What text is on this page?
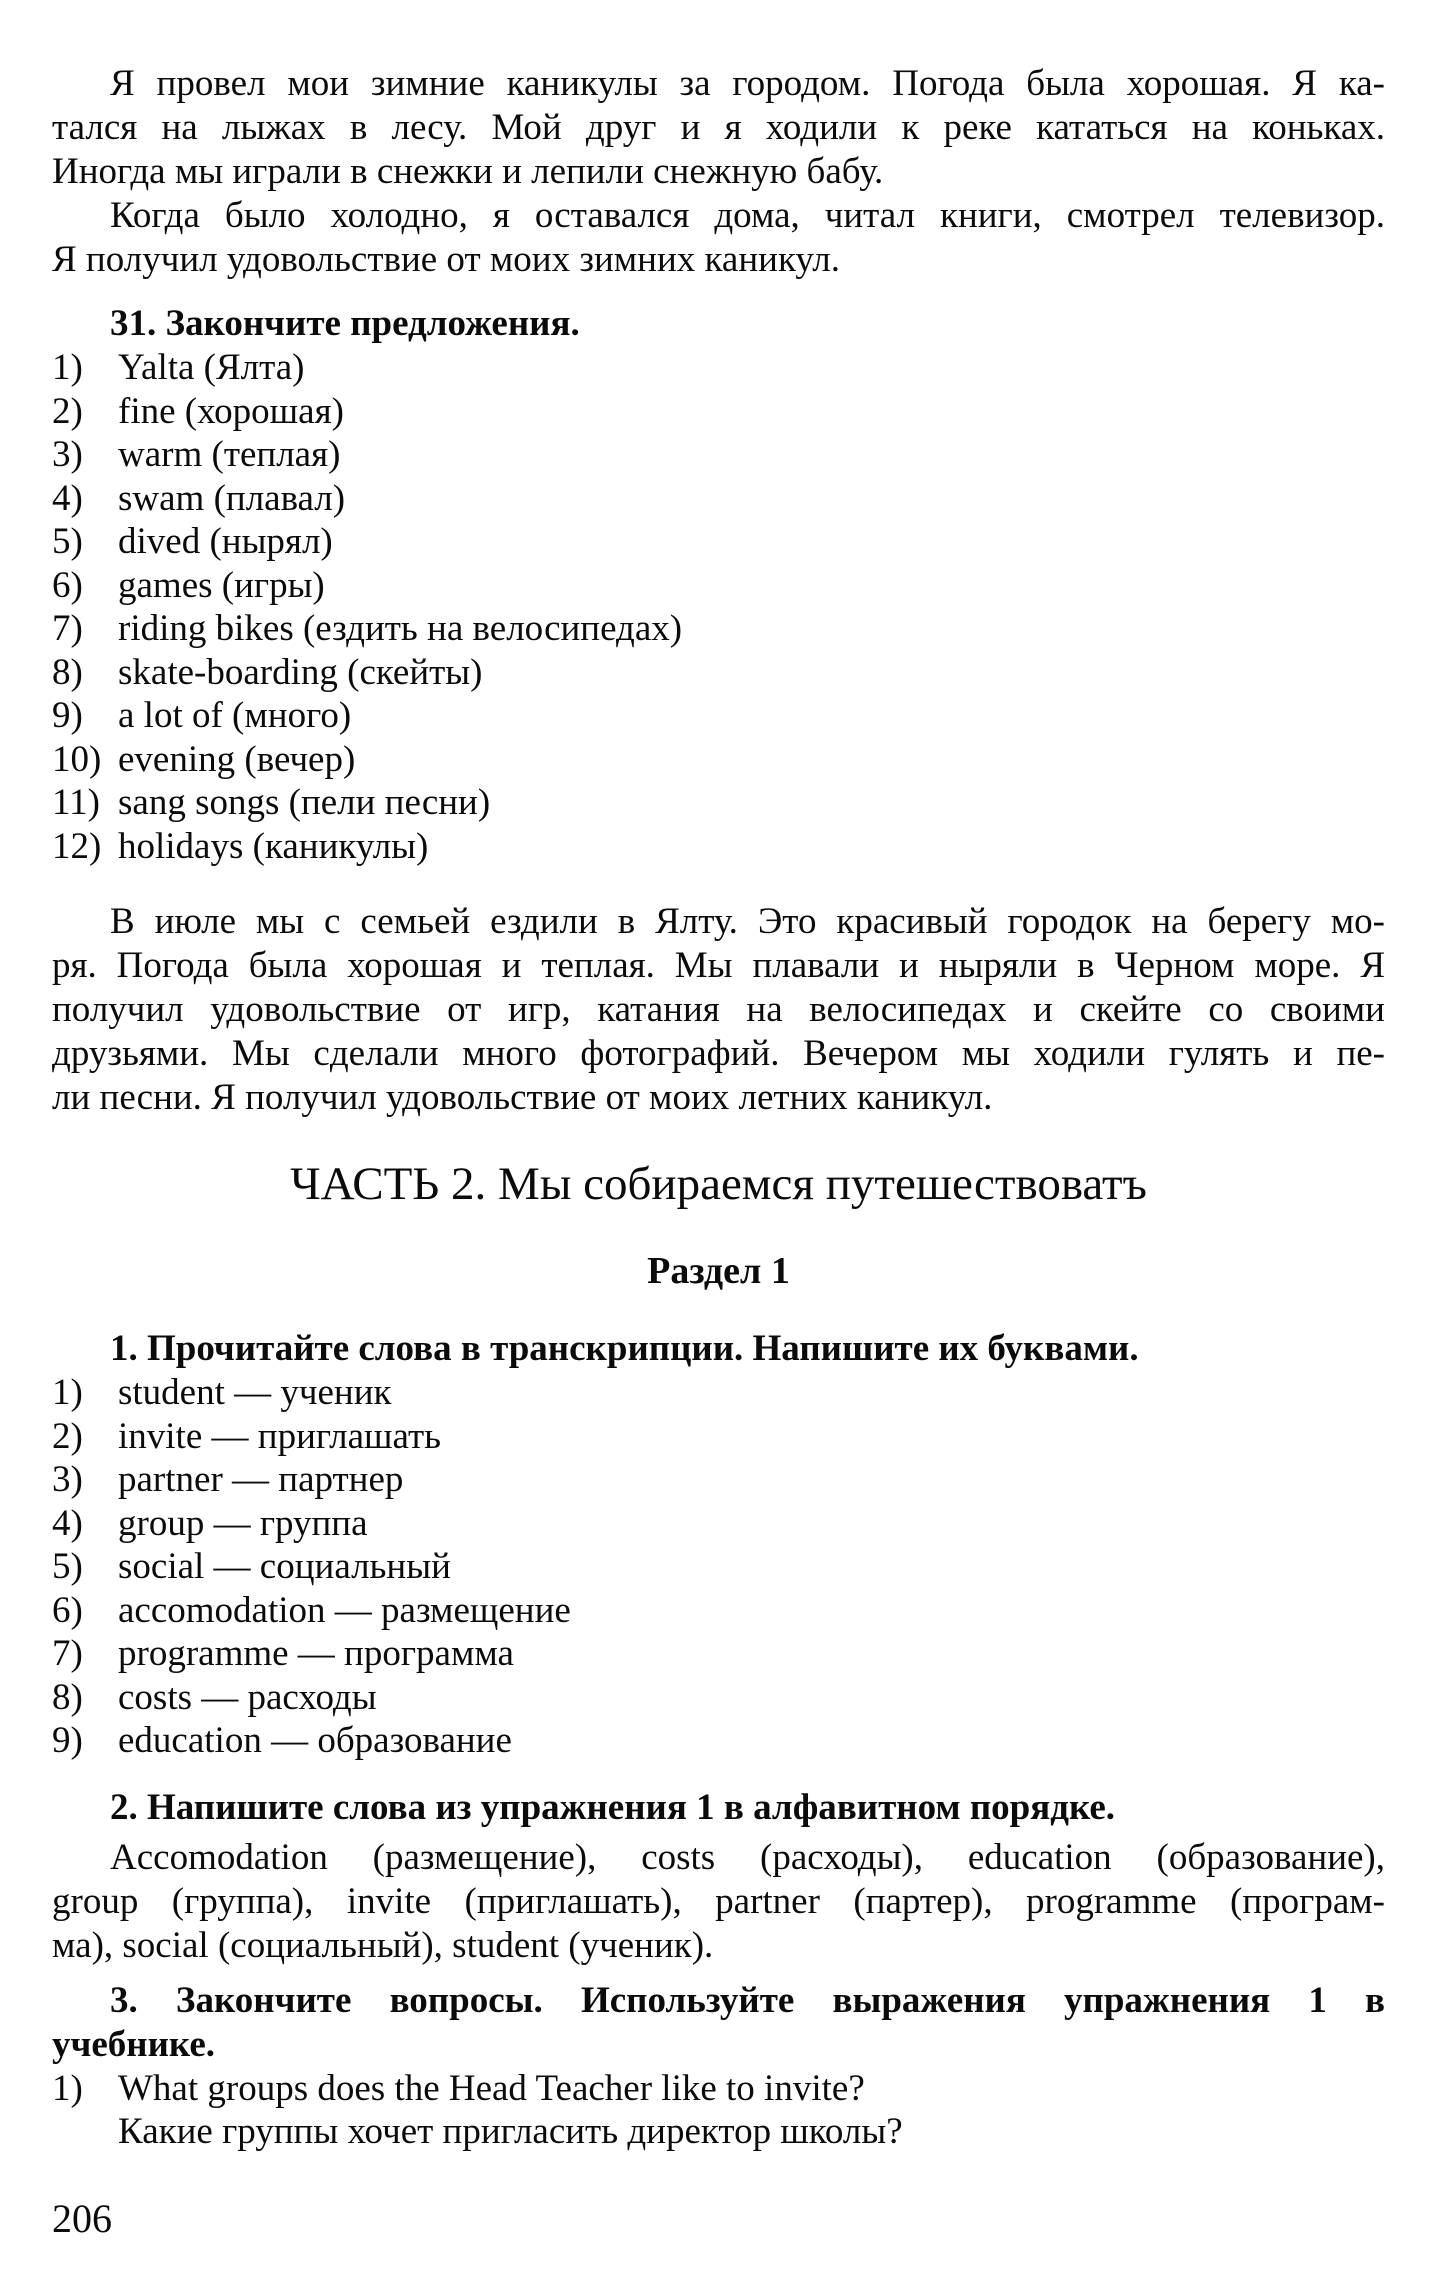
Я провел мои зимние каникулы за городом. Погода была хорошая. Я ка-
тался на лыжах в лесу. Мой друг и я ходили к реке кататься на коньках.
Иногда мы играли в снежки и лепили снежную бабу.
Когда было холодно, я оставался дома, читал книги, смотрел телевизор.
Я получил удовольствие от моих зимних каникул.
31. Закончите предложения.
1) Yalta (Ялта)
2) fine (хорошая)
3) warm (теплая)
4) swam (плавал)
5) dived (нырял)
6) games (игры)
7) riding bikes (ездить на велосипедах)
8) skate-boarding (скейты)
9) a lot of (много)
10) evening (вечер)
11) sang songs (пели песни)
12) holidays (каникулы)
В июле мы с семьей ездили в Ялту. Это красивый городок на берегу мо-
ря. Погода была хорошая и теплая. Мы плавали и ныряли в Черном море. Я
получил удовольствие от игр, катания на велосипедах и скейте со своими
друзьями. Мы сделали много фотографий. Вечером мы ходили гулять и пе-
ли песни. Я получил удовольствие от моих летних каникул.
ЧАСТЬ 2. Мы собираемся путешествоватъ
Раздел 1
1. Прочитайте слова в транскрипции. Напишите их буквами.
1) student — ученик
2) invite — приглашать
3) partner — партнер
4) group — группа
5) social — социальный
6) accomodation — размещение
7) programme — программа
8) costs — расходы
9) education — образование
2. Напишите слова из упражнения 1 в алфавитном порядке.
Accomodation (размещение), costs (расходы), education (образование),
group (группа), invite (приглашать), partner (партер), programme (програм-
ма), social (социальный), student (ученик).
3. Закончите вопросы. Используйте выражения упражнения 1 в
учебнике.
1) What groups does the Head Teacher like to invite?
Какие группы хочет пригласить директор школы?
206
